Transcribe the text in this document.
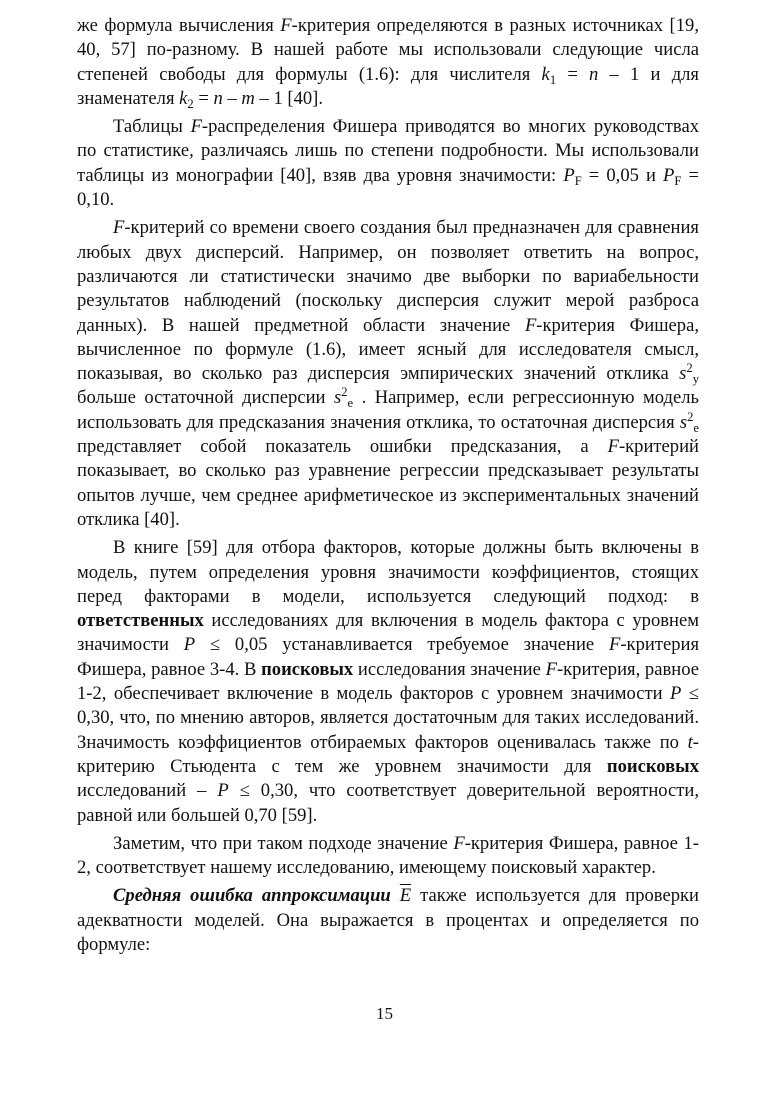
же формула вычисления F-критерия определяются в разных источниках [19, 40, 57] по-разному. В нашей работе мы использовали следующие числа степеней свободы для формулы (1.6): для числителя $k_1 = n - 1$ и для знаменателя $k_2 = n - m - 1$ [40].

Таблицы F-распределения Фишера приводятся во многих руководствах по статистике, различаясь лишь по степени подробности. Мы использовали таблицы из монографии [40], взяв два уровня значимости: $P_F = 0,05$ и $P_F = 0,10$.

F-критерий со времени своего создания был предназначен для сравнения любых двух дисперсий. Например, он позволяет ответить на вопрос, различаются ли статистически значимо две выборки по вариабельности результатов наблюдений (поскольку дисперсия служит мерой разброса данных). В нашей предметной области значение F-критерия Фишера, вычисленное по формуле (1.6), имеет ясный для исследователя смысл, показывая, во сколько раз дисперсия эмпирических значений отклика $s^2_y$ больше остаточной дисперсии $s^2_e$ . Например, если регрессионную модель использовать для предсказания значения отклика, то остаточная дисперсия $s^2_e$ представляет собой показатель ошибки предсказания, а F-критерий показывает, во сколько раз уравнение регрессии предсказывает результаты опытов лучше, чем среднее арифметическое из экспериментальных значений отклика [40].

В книге [59] для отбора факторов, которые должны быть включены в модель, путем определения уровня значимости коэффициентов, стоящих перед факторами в модели, используется следующий подход: в ответственных исследованиях для включения в модель фактора с уровнем значимости P ≤ 0,05 устанавливается требуемое значение F-критерия Фишера, равное 3-4. В поисковых исследования значение F-критерия, равное 1-2, обеспечивает включение в модель факторов с уровнем значимости P ≤ 0,30, что, по мнению авторов, является достаточным для таких исследований. Значимость коэффициентов отбираемых факторов оценивалась также по t-критерию Стьюдента с тем же уровнем значимости для поисковых исследований – P ≤ 0,30, что соответствует доверительной вероятности, равной или большей 0,70 [59].

Заметим, что при таком подходе значение F-критерия Фишера, равное 1-2, соответствует нашему исследованию, имеющему поисковый характер.

Средняя ошибка аппроксимации $\overline{E}$ также используется для проверки адекватности моделей. Она выражается в процентах и определяется по формуле:

15
